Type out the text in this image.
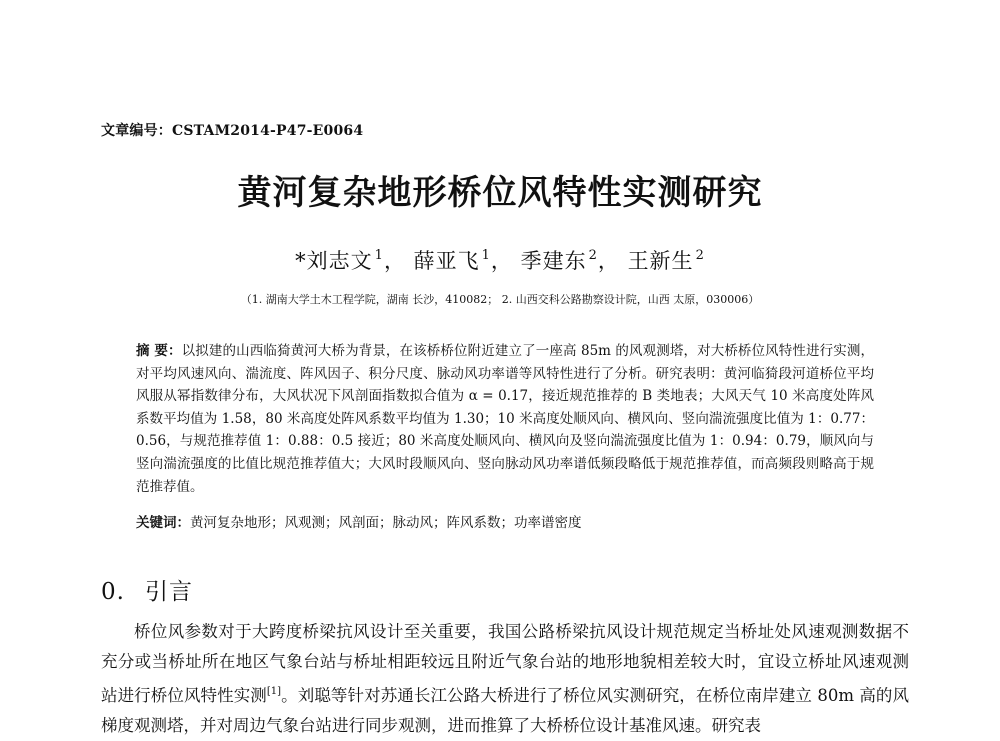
文章编号：CSTAM2014-P47-E0064
黄河复杂地形桥位风特性实测研究
*刘志文 $^1$， 薛亚飞 $^1$， 季建东 $^2$， 王新生 $^2$
（1. 湖南大学土木工程学院，湖南 长沙，410082； 2. 山西交科公路勘察设计院，山西 太原，030006）
摘 要：以拟建的山西临猗黄河大桥为背景，在该桥桥位附近建立了一座高 85m 的风观测塔，对大桥桥位风特性进行实测，对平均风速风向、湍流度、阵风因子、积分尺度、脉动风功率谱等风特性进行了分析。研究表明：黄河临猗段河道桥位平均风服从幂指数律分布，大风状况下风剖面指数拟合值为 α = 0.17，接近规范推荐的 B 类地表；大风天气 10 米高度处阵风系数平均值为 1.58，80 米高度处阵风系数平均值为 1.30；10 米高度处顺风向、横风向、竖向湍流强度比值为 1：0.77：0.56，与规范推荐值 1：0.88：0.5 接近；80 米高度处顺风向、横风向及竖向湍流强度比值为 1：0.94：0.79，顺风向与竖向湍流强度的比值比规范推荐值大；大风时段顺风向、竖向脉动风功率谱低频段略低于规范推荐值，而高频段则略高于规范推荐值。
关键词：黄河复杂地形；风观测；风剖面；脉动风；阵风系数；功率谱密度
0. 引言
桥位风参数对于大跨度桥梁抗风设计至关重要，我国公路桥梁抗风设计规范规定当桥址处风速观测数据不充分或当桥址所在地区气象台站与桥址相距较远且附近气象台站的地形地貌相差较大时，宜设立桥址风速观测站进行桥位风特性实测[1]。刘聪等针对苏通长江公路大桥进行了桥位风实测研究，在桥位南岸建立 80m 高的风梯度观测塔，并对周边气象台站进行同步观测，进而推算了大桥桥位设计基准风速。研究表
